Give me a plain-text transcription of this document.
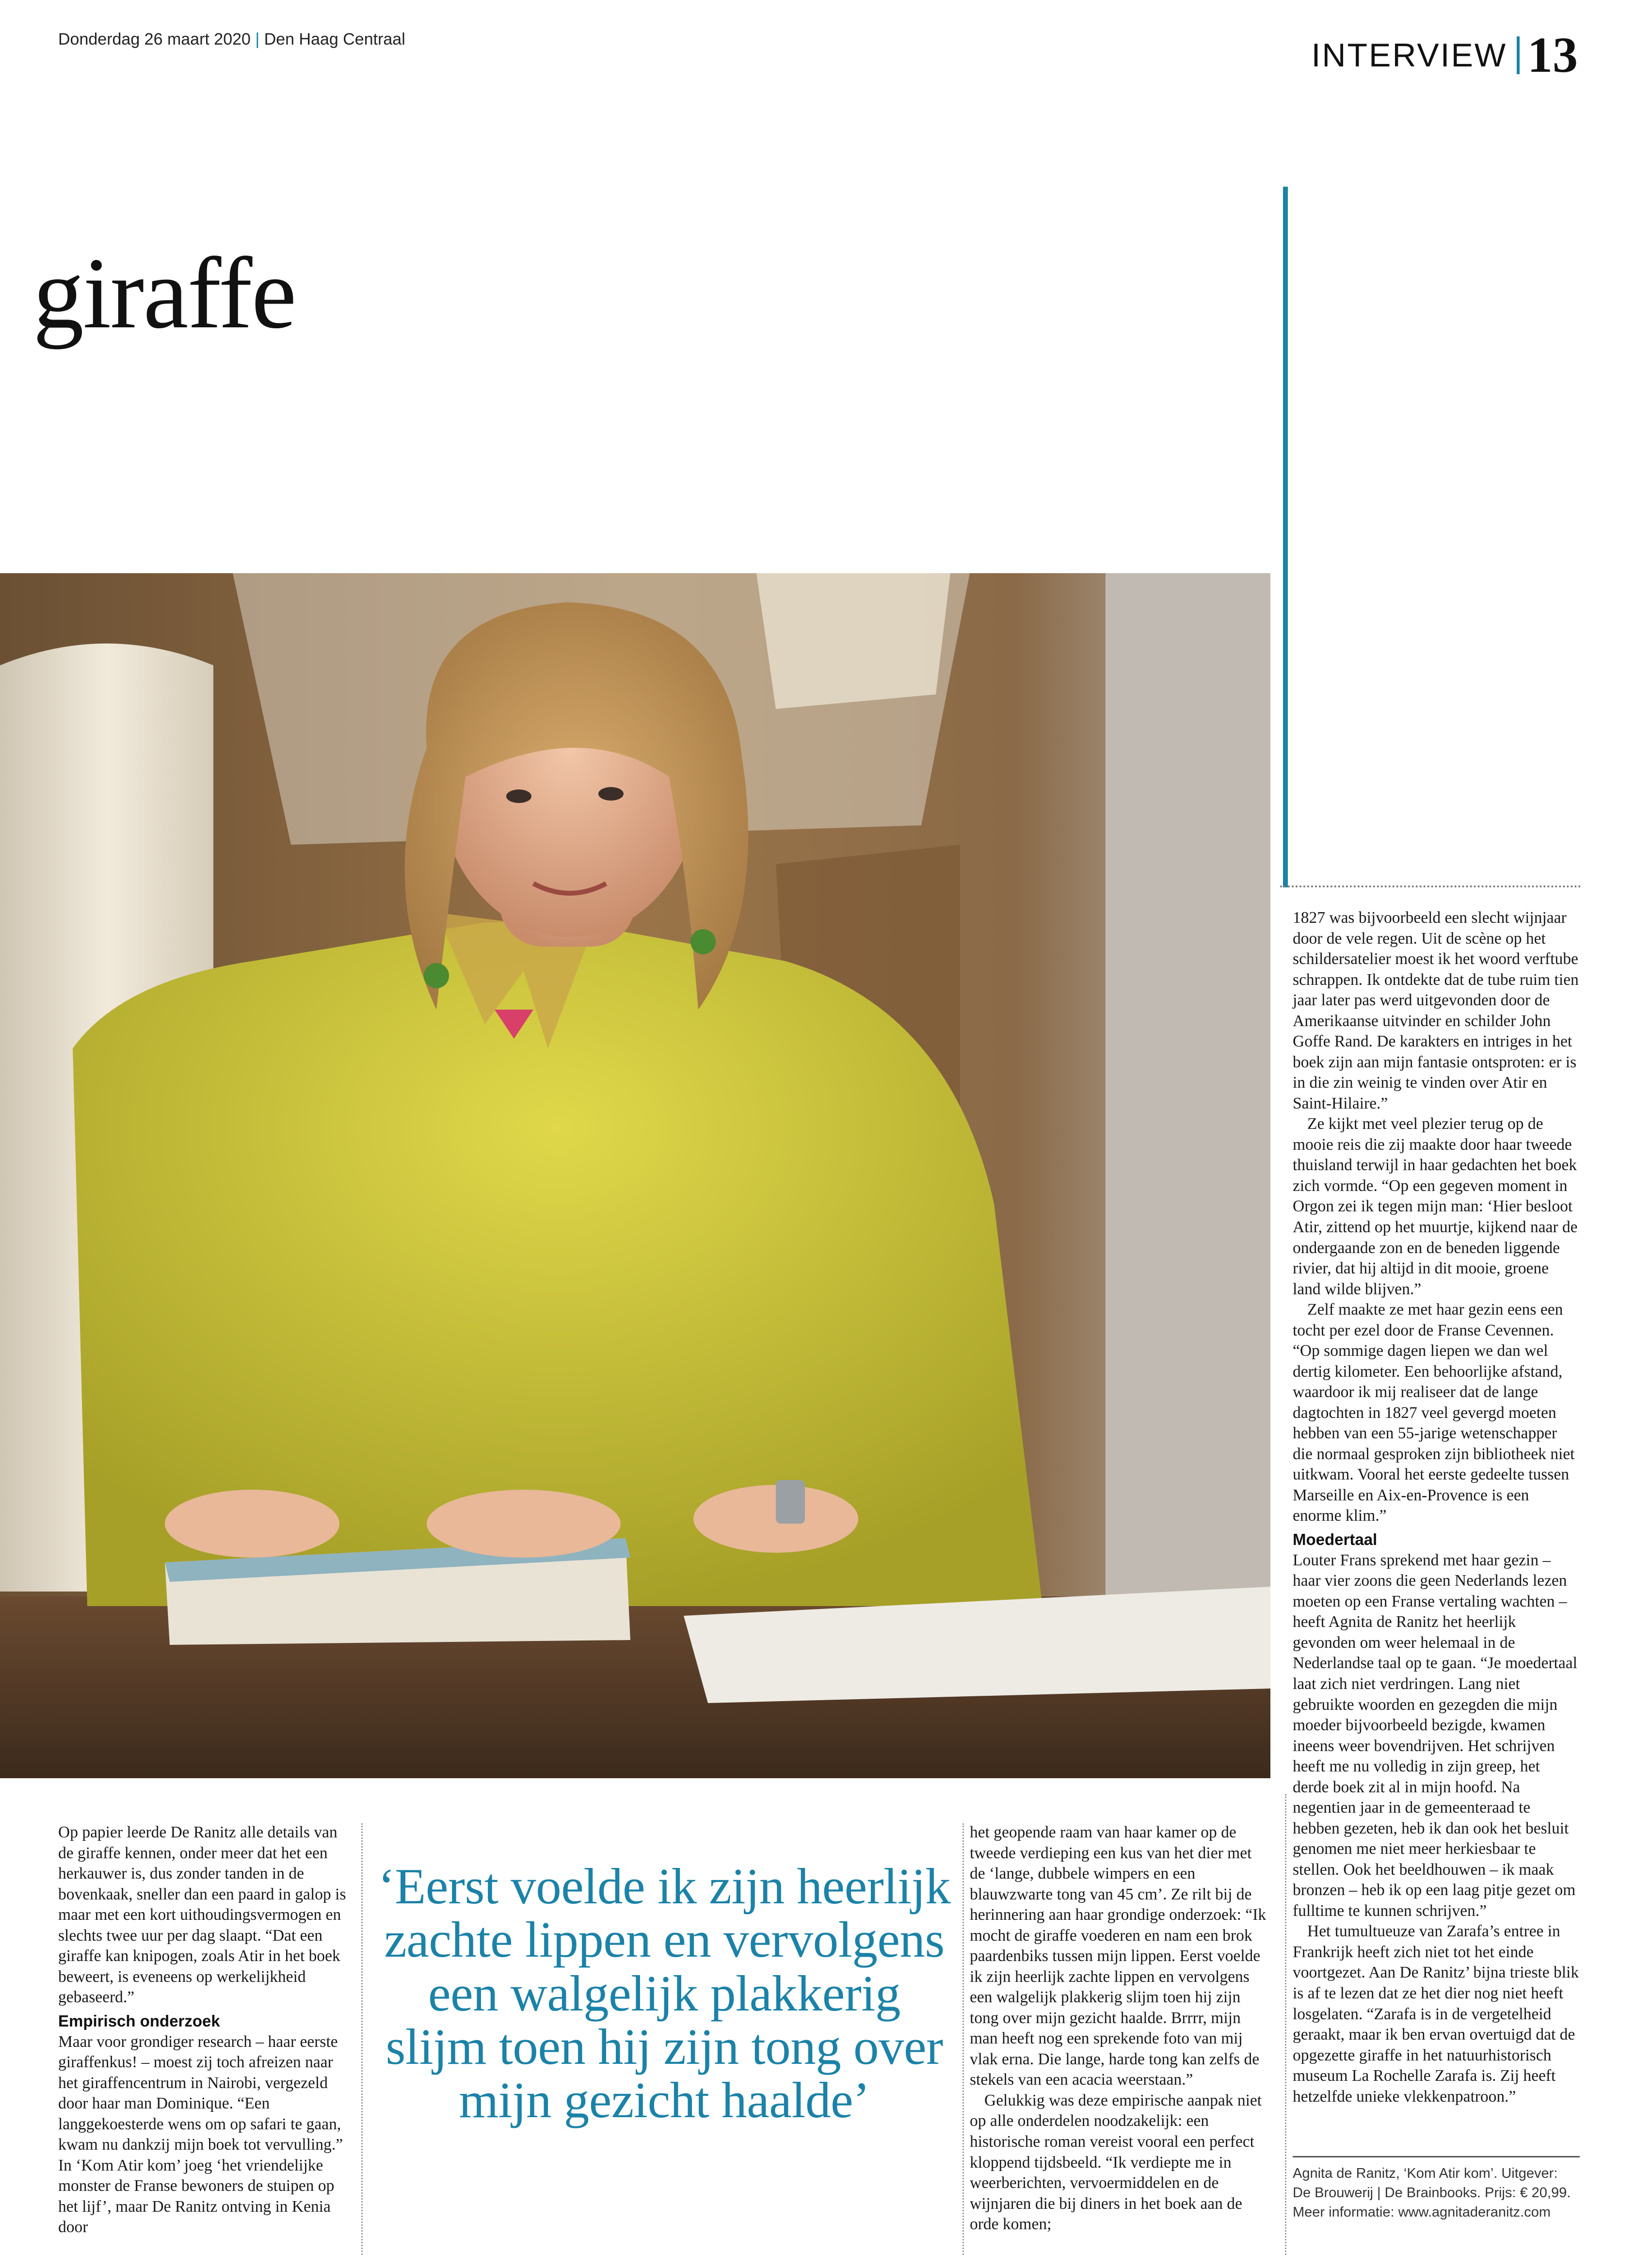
Donderdag 26 maart 2020 | Den Haag Centraal	INTERVIEW 13
giraffe

Op papier leerde De Ranitz alle details van de giraffe kennen, onder meer dat het een herkauwer is, dus zonder tanden in de bovenkaak, sneller dan een paard in galop is maar met een kort uithoudingsvermogen en slechts twee uur per dag slaapt. “Dat een giraffe kan knipogen, zoals Atir in het boek beweert, is eveneens op werkelijkheid gebaseerd.”

Empirisch onderzoek

Maar voor grondiger research – haar eerste giraffenkus! – moest zij toch afreizen naar het giraffencentrum in Nairobi, vergezeld door haar man Dominique. “Een langgekoesterde wens om op safari te gaan, kwam nu dankzij mijn boek tot vervulling.” In ‘Kom Atir kom’ joeg ‘het vriendelijke monster de Franse bewoners de stuipen op het lijf’, maar De Ranitz ontving in Kenia door

‘Eerst voelde ik zijn heerlijk zachte lippen en vervolgens een walgelijk plakkerig slijm toen hij zijn tong over mijn gezicht haalde’

het geopende raam van haar kamer op de tweede verdieping een kus van het dier met de ‘lange, dubbele wimpers en een blauwzwarte tong van 45 cm’. Ze rilt bij de herinnering aan haar grondige onderzoek: “Ik mocht de giraffe voederen en nam een brok paardenbiks tussen mijn lippen. Eerst voelde ik zijn heerlijk zachte lippen en vervolgens een walgelijk plakkerig slijm toen hij zijn tong over mijn gezicht haalde. Brrrr, mijn man heeft nog een sprekende foto van mij vlak erna. Die lange, harde tong kan zelfs de stekels van een acacia weerstaan.”

Gelukkig was deze empirische aanpak niet op alle onderdelen noodzakelijk: een historische roman vereist vooral een perfect kloppend tijdsbeeld. “Ik verdiepte me in weerberichten, vervoermiddelen en de wijnjaren die bij diners in het boek aan de orde komen;

1827 was bijvoorbeeld een slecht wijnjaar door de vele regen. Uit de scène op het schildersatelier moest ik het woord verftube schrappen. Ik ontdekte dat de tube ruim tien jaar later pas werd uitgevonden door de Amerikaanse uitvinder en schilder John Goffe Rand. De karakters en intriges in het boek zijn aan mijn fantasie ontsproten: er is in die zin weinig te vinden over Atir en Saint-Hilaire.”

Ze kijkt met veel plezier terug op de mooie reis die zij maakte door haar tweede thuisland terwijl in haar gedachten het boek zich vormde. “Op een gegeven moment in Orgon zei ik tegen mijn man: ‘Hier besloot Atir, zittend op het muurtje, kijkend naar de ondergaande zon en de beneden liggende rivier, dat hij altijd in dit mooie, groene land wilde blijven.”

Zelf maakte ze met haar gezin eens een tocht per ezel door de Franse Cevennen. “Op sommige dagen liepen we dan wel dertig kilometer. Een behoorlijke afstand, waardoor ik mij realiseer dat de lange dagtochten in 1827 veel gevergd moeten hebben van een 55-jarige wetenschapper die normaal gesproken zijn bibliotheek niet uitkwam. Vooral het eerste gedeelte tussen Marseille en Aix-en-Provence is een enorme klim.”

Moedertaal

Louter Frans sprekend met haar gezin – haar vier zoons die geen Nederlands lezen moeten op een Franse vertaling wachten – heeft Agnita de Ranitz het heerlijk gevonden om weer helemaal in de Nederlandse taal op te gaan. “Je moedertaal laat zich niet verdringen. Lang niet gebruikte woorden en gezegden die mijn moeder bijvoorbeeld bezigde, kwamen ineens weer bovendrijven. Het schrijven heeft me nu volledig in zijn greep, het derde boek zit al in mijn hoofd. Na negentien jaar in de gemeenteraad te hebben gezeten, heb ik dan ook het besluit genomen me niet meer herkiesbaar te stellen. Ook het beeldhouwen – ik maak bronzen – heb ik op een laag pitje gezet om fulltime te kunnen schrijven.”

Het tumultueuze van Zarafa’s entree in Frankrijk heeft zich niet tot het einde voortgezet. Aan De Ranitz’ bijna trieste blik is af te lezen dat ze het dier nog niet heeft losgelaten. “Zarafa is in de vergetelheid geraakt, maar ik ben ervan overtuigd dat de opgezette giraffe in het natuurhistorisch museum La Rochelle Zarafa is. Zij heeft hetzelfde unieke vlekkenpatroon.”

Agnita de Ranitz, ‘Kom Atir kom’. Uitgever:
De Brouwerij | De Brainbooks. Prijs: € 20,99.
Meer informatie: www.agnitaderanitz.com
